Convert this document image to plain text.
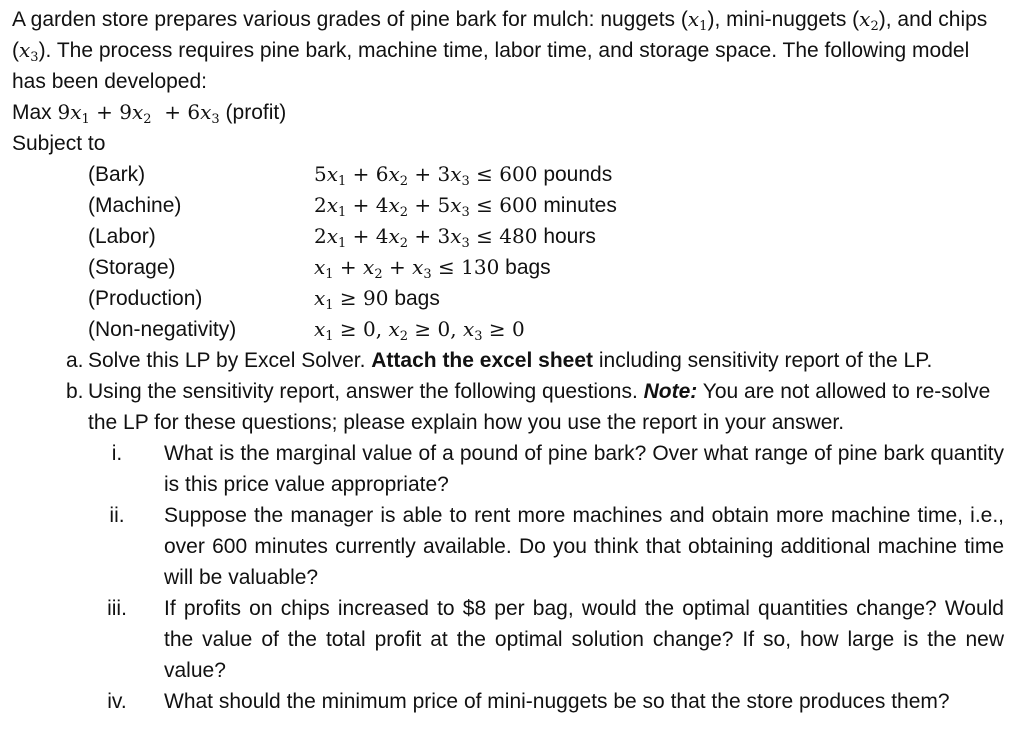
A garden store prepares various grades of pine bark for mulch: nuggets $(x_1)$, mini-nuggets $(x_2)$, and chips $(x_3)$. The process requires pine bark, machine time, labor time, and storage space. The following model has been developed:

Max $9x_1 + 9x_2 + 6x_3$ (profit)

Subject to

(Bark)	$5x_1 + 6x_2 + 3x_3 \le 600$ pounds
(Machine)	$2x_1 + 4x_2 + 5x_3 \le 600$ minutes
(Labor)	$2x_1 + 4x_2 + 3x_3 \le 480$ hours
(Storage)	$x_1 + x_2 + x_3 \le 130$ bags
(Production)	$x_1 \ge 90$ bags
(Non-negativity)	$x_1 \ge 0$, $x_2 \ge 0$, $x_3 \ge 0$
a. Solve this LP by Excel Solver. Attach the excel sheet including sensitivity report of the LP.
b. Using the sensitivity report, answer the following questions. Note: You are not allowed to re-solve the LP for these questions; please explain how you use the report in your answer.
i.	What is the marginal value of a pound of pine bark? Over what range of pine bark quantity is this price value appropriate?
ii.	Suppose the manager is able to rent more machines and obtain more machine time, i.e., over 600 minutes currently available. Do you think that obtaining additional machine time will be valuable?
iii.	If profits on chips increased to $8 per bag, would the optimal quantities change? Would the value of the total profit at the optimal solution change? If so, how large is the new value?
iv.	What should the minimum price of mini-nuggets be so that the store produces them?
